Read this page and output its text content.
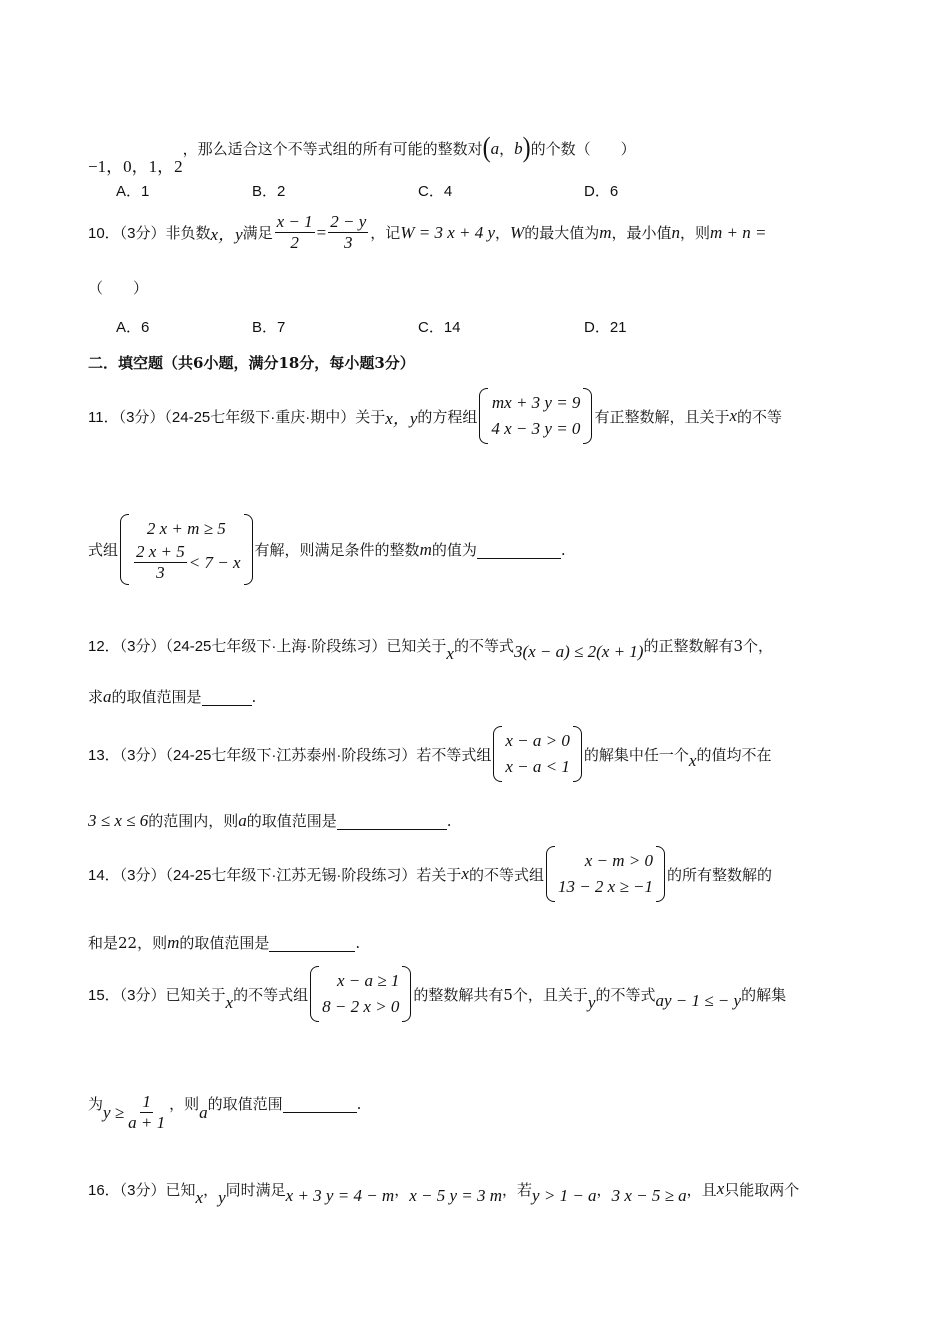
−1，0，1，2
，那么适合这个不等式组的所有可能的整数对 ( a ， b ) 的个数（　　）
A．1	B．2	C．4	D．6
10．（3分）非负数 x，y 满足 $\frac{x - 1}{2} = \frac{2 - y}{3}$ ，记 W = 3 x + 4 y ， W 的最大值为 m ，最小值 n ，则 m + n =
（　　）
A．6	B．7	C．14	D．21
二．填空题（共6小题，满分18分，每小题3分）
11．（3分）（24-25七年级下·重庆·期中）关于 x，y 的方程组
mx + 3 y = 9
4 x − 3 y = 0
有正整数解，且关于 x 的不等
式组
2 x + m ≥ 5
$\frac{2 x + 5}{3} < 7 - x$
有解，则满足条件的整数 m 的值为	.
12．（3分）（24-25七年级下·上海·阶段练习）已知关于 x 的不等式 3(x − a) ≤ 2(x + 1) 的正整数解有3个，
求 a 的取值范围是	.
13．（3分）（24-25七年级下·江苏泰州·阶段练习）若不等式组
x − a > 0
x − a < 1
的解集中任一个 x 的值均不在
3 ≤ x ≤ 6 的范围内，则 a 的取值范围是	.
14．（3分）（24-25七年级下·江苏无锡·阶段练习）若关于 x 的不等式组
x − m > 0
13 − 2 x ≥ −1
的所有整数解的
和是22，则 m 的取值范围是	.
15．（3分）已知关于 x 的不等式组
x − a ≥ 1
8 − 2 x > 0
的整数解共有5个，且关于 y 的不等式 ay − 1 ≤ − y 的解集
为 $y \ge \frac{1}{a + 1}$ ，则 a 的取值范围	.
16．（3分）已知 x ， y 同时满足 x + 3 y = 4 − m ， x − 5 y = 3 m ，若 y > 1 − a ， 3 x − 5 ≥ a ，且 x 只能取两个
